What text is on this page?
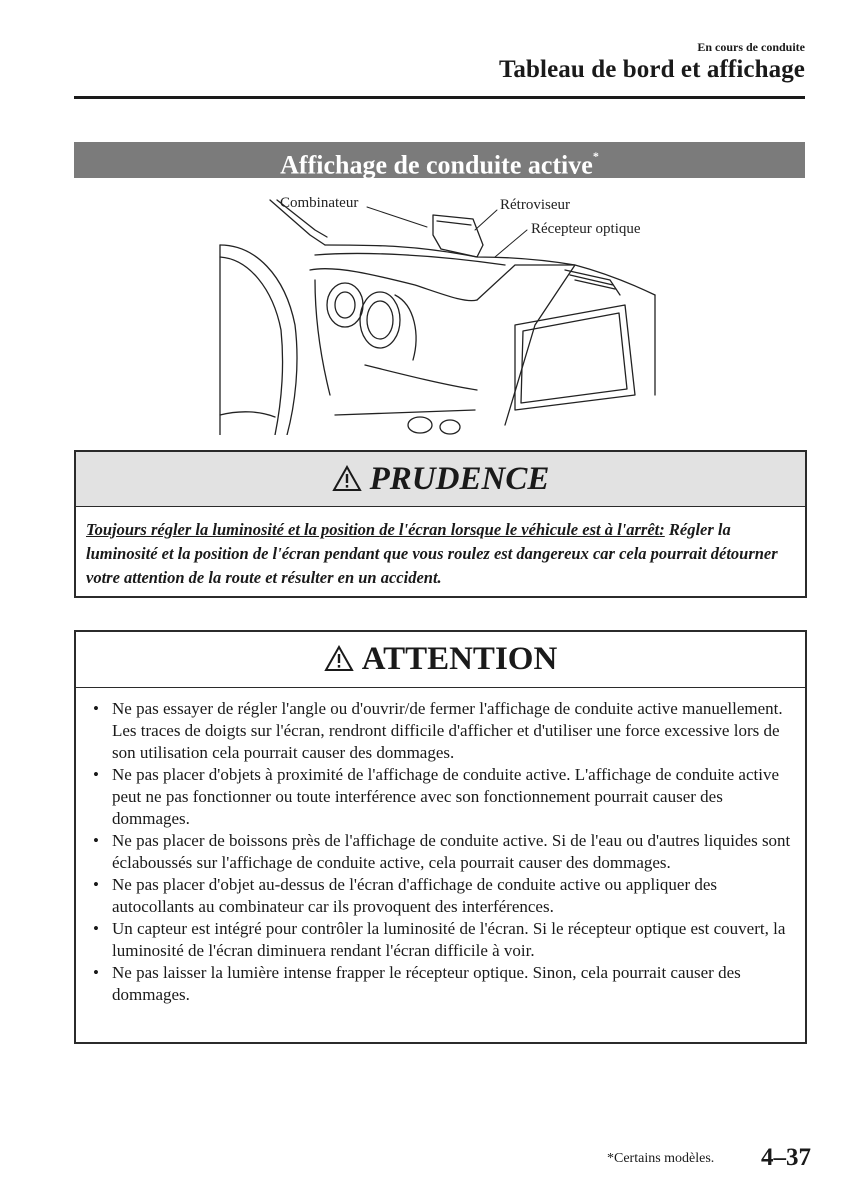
En cours de conduite
Tableau de bord et affichage
Affichage de conduite active*
Combinateur	Rétroviseur
Récepteur optique
PRUDENCE
Toujours régler la luminosité et la position de l'écran lorsque le véhicule est à l'arrêt: Régler la luminosité et la position de l'écran pendant que vous roulez est dangereux car cela pourrait détourner votre attention de la route et résulter en un accident.
ATTENTION
• Ne pas essayer de régler l'angle ou d'ouvrir/de fermer l'affichage de conduite active manuellement. Les traces de doigts sur l'écran, rendront difficile d'afficher et d'utiliser une force excessive lors de son utilisation cela pourrait causer des dommages.
• Ne pas placer d'objets à proximité de l'affichage de conduite active. L'affichage de conduite active peut ne pas fonctionner ou toute interférence avec son fonctionnement pourrait causer des dommages.
• Ne pas placer de boissons près de l'affichage de conduite active. Si de l'eau ou d'autres liquides sont éclaboussés sur l'affichage de conduite active, cela pourrait causer des dommages.
• Ne pas placer d'objet au-dessus de l'écran d'affichage de conduite active ou appliquer des autocollants au combinateur car ils provoquent des interférences.
• Un capteur est intégré pour contrôler la luminosité de l'écran. Si le récepteur optique est couvert, la luminosité de l'écran diminuera rendant l'écran difficile à voir.
• Ne pas laisser la lumière intense frapper le récepteur optique. Sinon, cela pourrait causer des dommages.
*Certains modèles. 4–37
